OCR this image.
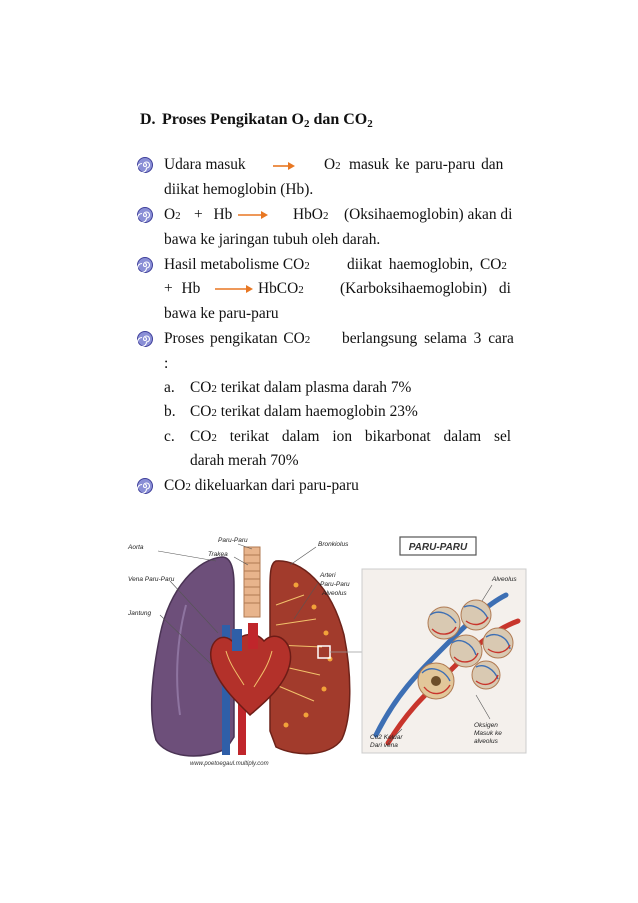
D. Proses Pengikatan $O_2$ dan $CO_2$
Udara masuk	O2 masuk ke paru-paru dan
diikat hemoglobin (Hb).
O2 + Hb	HbO2 (Oksihaemoglobin) akan di
bawa ke jaringan tubuh oleh darah.
Hasil metabolisme CO2 diikat haemoglobin, CO2
+ Hb	HbCO2 (Karboksihaemoglobin) di
bawa ke paru-paru
Proses pengikatan CO2 berlangsung selama 3 cara
:
a. CO2 terikat dalam plasma darah 7%
b. CO2 terikat dalam haemoglobin 23%
c. CO2 terikat dalam ion bikarbonat dalam sel
darah merah 70%
CO2 dikeluarkan dari paru-paru
Aorta
Paru-Paru
Trakea
Bronkiolus
Vena Paru-Paru
Arteri
Paru-Paru
Alveolus
Jantung
PARU-PARU
Alveolus
Co2 Keluar
Dari vena
Oksigen
Masuk ke
alveolus
www.poetoegaul.multiply.com
